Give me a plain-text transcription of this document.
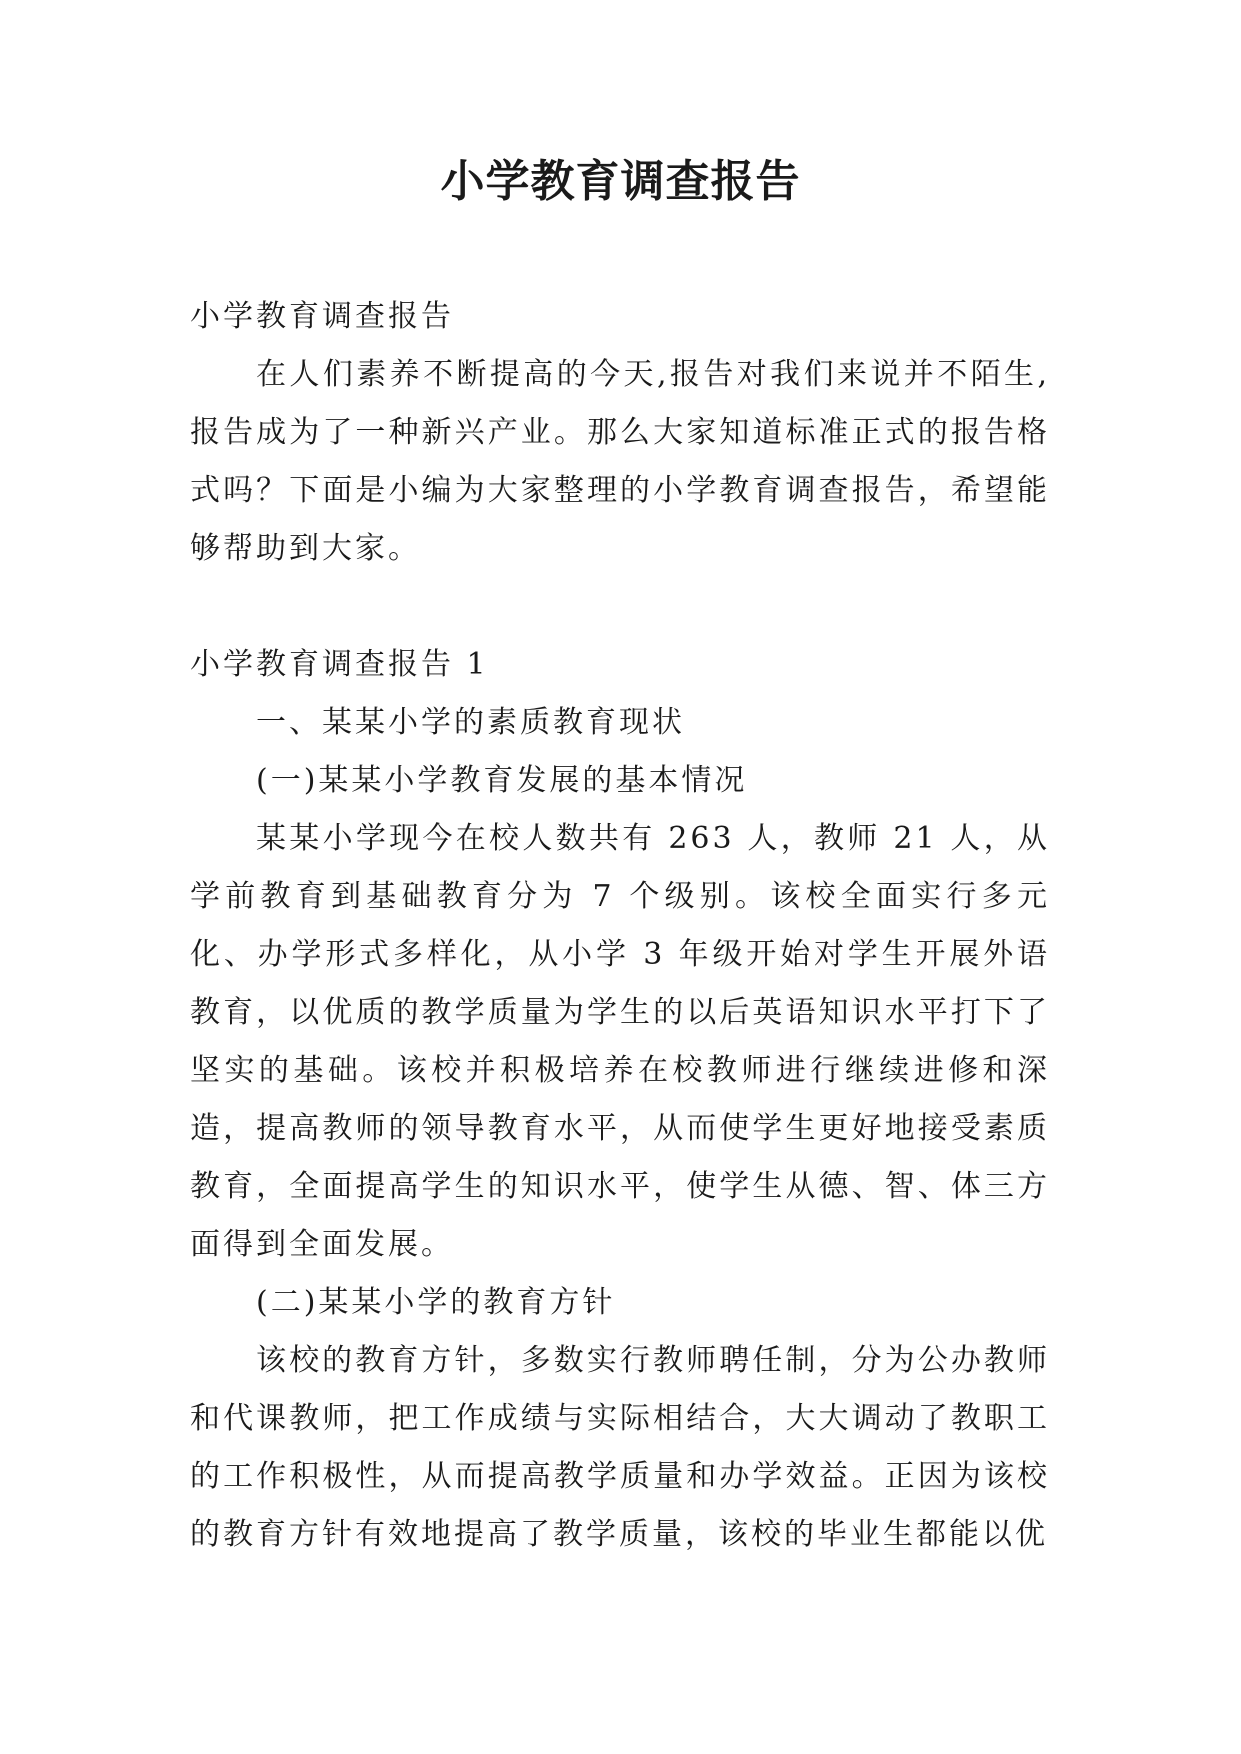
小学教育调查报告

小学教育调查报告

在人们素养不断提高的今天,报告对我们来说并不陌生,报告成为了一种新兴产业。那么大家知道标准正式的报告格式吗？下面是小编为大家整理的小学教育调查报告，希望能够帮助到大家。

小学教育调查报告 1

一、某某小学的素质教育现状

(一)某某小学教育发展的基本情况

某某小学现今在校人数共有 263 人，教师 21 人，从学前教育到基础教育分为 7 个级别。该校全面实行多元化、办学形式多样化，从小学 3 年级开始对学生开展外语教育，以优质的教学质量为学生的以后英语知识水平打下了坚实的基础。该校并积极培养在校教师进行继续进修和深造，提高教师的领导教育水平，从而使学生更好地接受素质教育，全面提高学生的知识水平，使学生从德、智、体三方面得到全面发展。

(二)某某小学的教育方针

该校的教育方针，多数实行教师聘任制，分为公办教师和代课教师，把工作成绩与实际相结合，大大调动了教职工的工作积极性，从而提高教学质量和办学效益。正因为该校的教育方针有效地提高了教学质量，该校的毕业生都能以优
